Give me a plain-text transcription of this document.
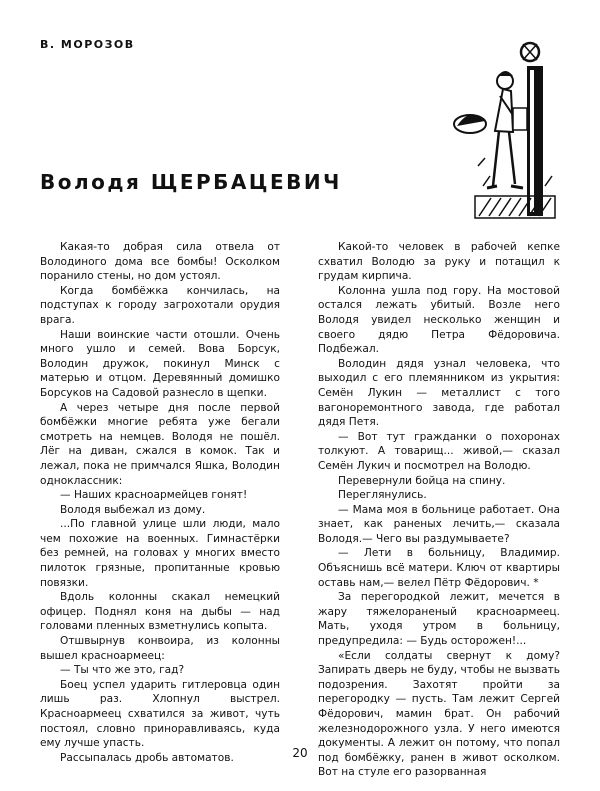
В. МОРОЗОВ
Володя ЩЕРБАЦЕВИЧ

Какая-то добрая сила отвела от Володиного дома все бомбы! Осколком поранило стены, но дом устоял.

Когда бомбёжка кончилась, на подступах к городу загрохотали орудия врага.

Наши воинские части отошли. Очень много ушло и семей. Вова Борсук, Володин дружок, покинул Минск с матерью и отцом. Деревянный домишко Борсуков на Садовой разнесло в щепки.

А через четыре дня после первой бомбёжки многие ребята уже бегали смотреть на немцев. Володя не пошёл. Лёг на диван, сжался в комок. Так и лежал, пока не примчался Яшка, Володин одноклассник:

— Наших красноармейцев гонят!

Володя выбежал из дому.

...По главной улице шли люди, мало чем похожие на военных. Гимнастёрки без ремней, на головах у многих вместо пилоток грязные, пропитанные кровью повязки.

Вдоль колонны скакал немецкий офицер. Поднял коня на дыбы — над головами пленных взметнулись копыта.

Отшвырнув конвоира, из колонны вышел красноармеец:

— Ты что же это, гад?

Боец успел ударить гитлеровца один лишь раз. Хлопнул выстрел. Красноармеец схватился за живот, чуть постоял, словно приноравливаясь, куда ему лучше упасть.

Рассыпалась дробь автоматов.

Какой-то человек в рабочей кепке схватил Володю за руку и потащил к грудам кирпича.

Колонна ушла под гору. На мостовой остался лежать убитый. Возле него Володя увидел несколько женщин и своего дядю Петра Фёдоровича. Подбежал.

Володин дядя узнал человека, что выходил с его племянником из укрытия: Семён Лукин — металлист с того вагоноремонтного завода, где работал дядя Петя.

— Вот тут гражданки о похоронах толкуют. А товарищ... живой,— сказал Семён Лукич и посмотрел на Володю.

Перевернули бойца на спину.

Переглянулись.

— Мама моя в больнице работает. Она знает, как раненых лечить,— сказала Володя.— Чего вы раздумываете?

— Лети в больницу, Владимир. Объяснишь всё матери. Ключ от квартиры оставь нам,— велел Пётр Фёдорович. *

За перегородкой лежит, мечется в жару тяжелораненый красноармеец. Мать, уходя утром в больницу, предупредила: — Будь осторожен!...

«Если солдаты свернут к дому? Запирать дверь не буду, чтобы не вызвать подозрения. Захотят пройти за перегородку — пусть. Там лежит Сергей Фёдорович, мамин брат. Он рабочий железнодорожного узла. У него имеются документы. А лежит он потому, что попал под бомбёжку, ранен в живот осколком. Вот на стуле его разорванная

20
